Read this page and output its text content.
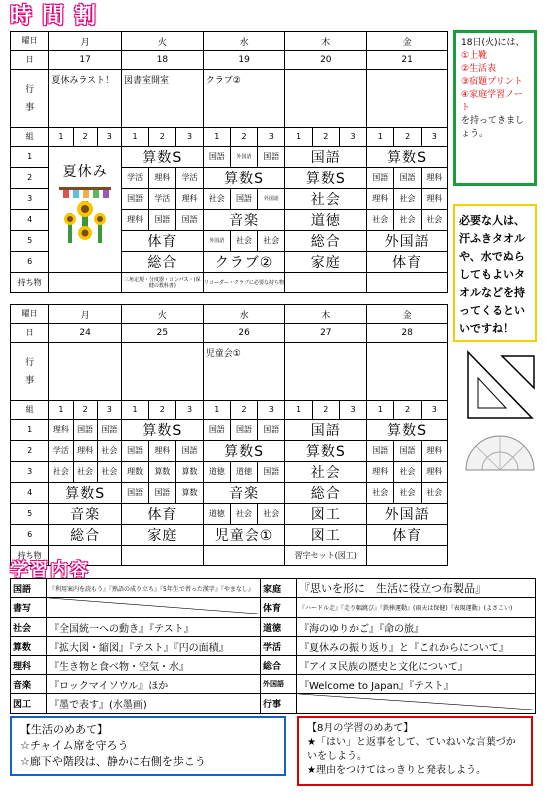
時 間 割
曜日	月			火			水			木			金		
日	17			18			19			20			21		
行事	夏休みラスト！			図書室開室			クラブ②								
組	1	2	3	1	2	3	1	2	3	1	2	3	1	2	3
1	夏休み			算数S			国語	外国語	国語	国語			算数S		
2				学活	理科	学活	算数S			算数S			国語	国語	理科
3				国語	学活	理科	社会	国語	外国語	社会			理科	社会	理科
4				理科	国語	国語	音楽			道徳			社会	社会	社会
5				体育			外国語	社会	社会	総合			外国語		
6				総合			クラブ②			家庭			体育		
持ち物				三角定規・分度器・コンパス・(保健の教科書)			リコーダー・クラブに必要な持ち物								
曜日	月			火			水			木			金		
日	24			25			26			27			28		
行事							児童会①								
組	1	2	3	1	2	3	1	2	3	1	2	3	1	2	3
1	理科	国語	国語	算数S			国語	国語	国語	国語			算数S		
2	学活	理科	社会	国語	理科	国語	算数S			算数S			国語	国語	理科
3	社会	社会	社会	理数	算数	算数	道徳	道徳	国語	社会			理科	社会	理科
4	算数S			国語	国語	算数	音楽			総合			社会	社会	社会
5	音楽			体育			道徳	社会	社会	図工			外国語		
6	総合			家庭			児童会①			図工			体育		
持ち物										習字セット(図工)					
18日(火)には、
①上靴
②生活表
③宿題プリント
④家庭学習ノート
を持ってきましょう。
必要な人は、汗ふきタオルや、水でぬらしてもよいタオルなどを持ってくるといいですね！
学習内容
国語	『利用案内を読もう』『熟語の成り立ち』『5年生で習った漢字』『やまなし』	家庭	『思いを形に　生活に役立つ布製品』
書写		体育	『ハードル走』『走り幅跳び』『鉄棒運動』(雨天は保健)『表現運動』(よさこい)
社会	『全国統一への動き』『テスト』	道徳	『海のゆりかご』『命の旅』
算数	『拡大図・縮図』『テスト』『円の面積』	学活	『夏休みの振り返り』と『これからについて』
理科	『生き物と食べ物・空気・水』	総合	『アイヌ民族の歴史と文化について』
音楽	『ロックマイソウル』ほか	外国語	『Welcome to Japan』『テスト』
図工	『墨で表す』(水墨画)	行事	
【生活のめあて】
☆チャイム席を守ろう
☆廊下や階段は、静かに右側を歩こう
【8月の学習のめあて】
★「はい」と返事をして、ていねいな言葉づかいをしよう。
★理由をつけてはっきりと発表しよう。
